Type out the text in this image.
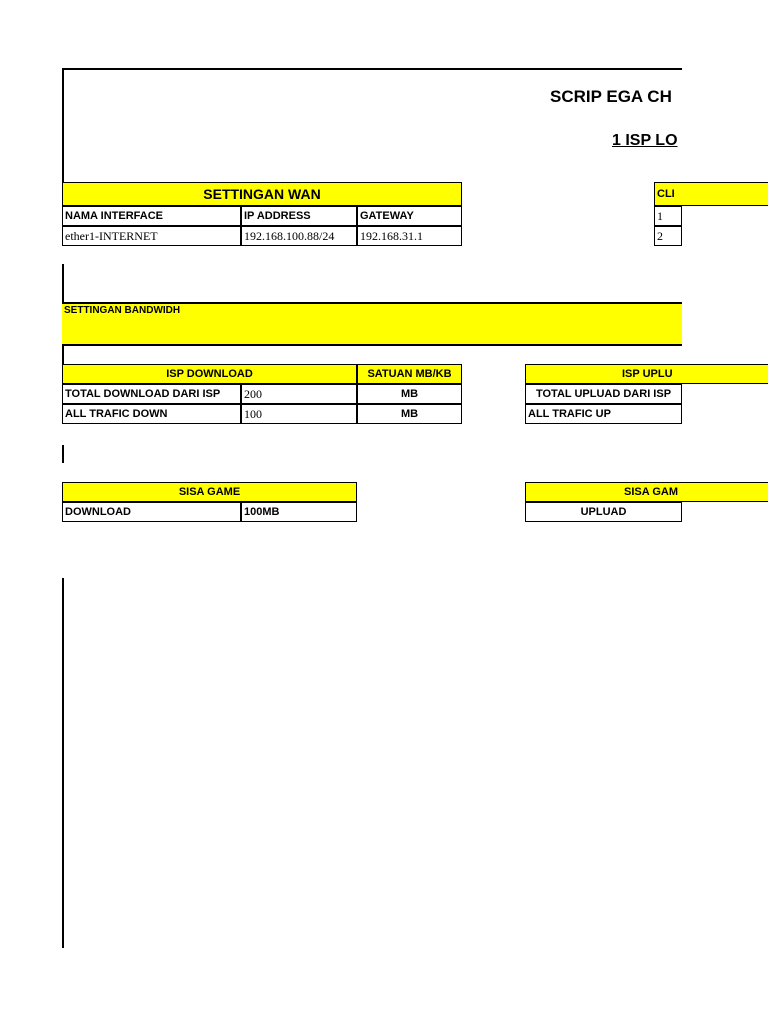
SCRIP EGA CH
1 ISP LO
SETTINGAN WAN
NAMA INTERFACE	IP ADDRESS	GATEWAY
ether1-INTERNET	192.168.100.88/24	192.168.31.1
CLI
1
2
SETTINGAN BANDWIDH
ISP DOWNLOAD	SATUAN MB/KB
TOTAL DOWNLOAD DARI ISP	200	MB
ALL TRAFIC DOWN	100	MB
ISP UPLU
TOTAL UPLUAD DARI ISP
ALL TRAFIC UP
SISA GAME
DOWNLOAD	100MB
SISA GAM
UPLUAD
